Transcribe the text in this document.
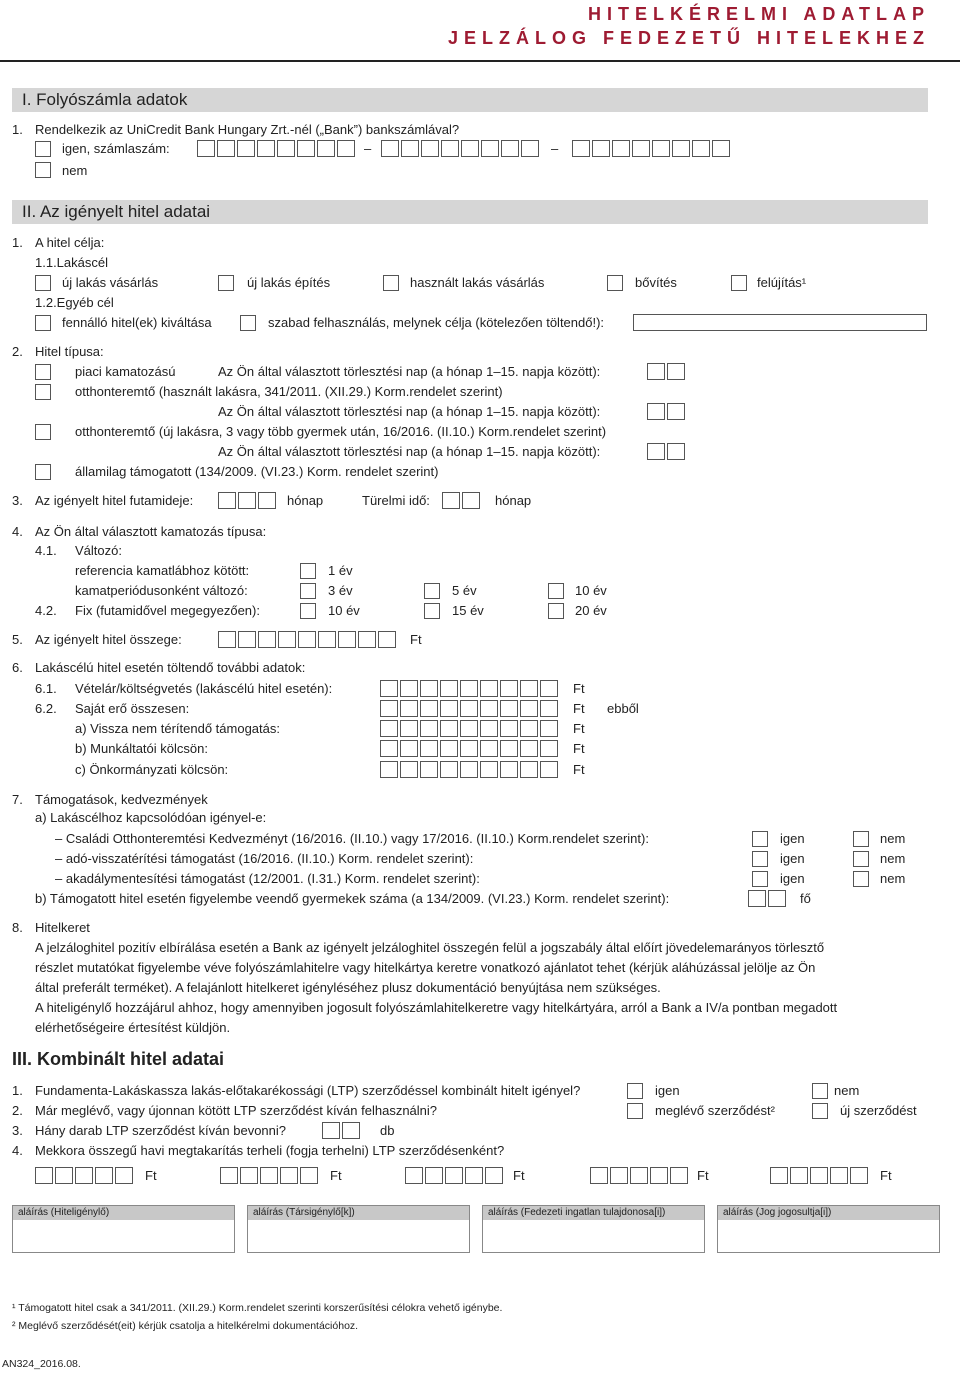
HITELKÉRELMI ADATLAP
JELZÁLOG FEDEZETŰ HITELEKHEZ
I. Folyószámla adatok
1. Rendelkezik az UniCredit Bank Hungary Zrt.-nél („Bank”) bankszámlával?
igen, számlaszám:	–	–
nem
II. Az igényelt hitel adatai
1. A hitel célja:
1.1.Lakáscél
új lakás vásárlás	új lakás építés	használt lakás vásárlás	bővítés	felújítás¹
1.2.Egyéb cél
fennálló hitel(ek) kiváltása	szabad felhasználás, melynek célja (kötelezően töltendő!):
2. Hitel típusa:
piaci kamatozású	Az Ön által választott törlesztési nap (a hónap 1–15. napja között):
otthonteremtő (használt lakásra, 341/2011. (XII.29.) Korm.rendelet szerint)
Az Ön által választott törlesztési nap (a hónap 1–15. napja között):
otthonteremtő (új lakásra, 3 vagy több gyermek után, 16/2016. (II.10.) Korm.rendelet szerint)
Az Ön által választott törlesztési nap (a hónap 1–15. napja között):
államilag támogatott (134/2009. (VI.23.) Korm. rendelet szerint)
3. Az igényelt hitel futamideje:	hónap	Türelmi idő:	hónap
4. Az Ön által választott kamatozás típusa:
4.1. Változó:
referencia kamatlábhoz kötött:	1 év
kamatperiódusonként változó:	3 év	5 év	10 év
4.2. Fix (futamidővel megegyezően):	10 év	15 év	20 év
5. Az igényelt hitel összege:	Ft
6. Lakáscélú hitel esetén töltendő további adatok:
6.1. Vételár/költségvetés (lakáscélú hitel esetén):	Ft
6.2. Saját erő összesen:	Ft ebből
a) Vissza nem térítendő támogatás:	Ft
b) Munkáltatói kölcsön:	Ft
c) Önkormányzati kölcsön:	Ft
7. Támogatások, kedvezmények
a) Lakáscélhoz kapcsolódóan igényel-e:
– Családi Otthonteremtési Kedvezményt (16/2016. (II.10.) vagy 17/2016. (II.10.) Korm.rendelet szerint):	igen	nem
– adó-visszatérítési támogatást (16/2016. (II.10.) Korm. rendelet szerint):	igen	nem
– akadálymentesítési támogatást (12/2001. (I.31.) Korm. rendelet szerint):	igen	nem
b) Támogatott hitel esetén figyelembe veendő gyermekek száma (a 134/2009. (VI.23.) Korm. rendelet szerint):	fő
8. Hitelkeret
A jelzáloghitel pozitív elbírálása esetén a Bank az igényelt jelzáloghitel összegén felül a jogszabály által előírt jövedelemarányos törlesztő
részlet mutatókat figyelembe véve folyószámlahitelre vagy hitelkártya keretre vonatkozó ajánlatot tehet (kérjük aláhúzással jelölje az Ön
által preferált terméket). A felajánlott hitelkeret igényléséhez plusz dokumentáció benyújtása nem szükséges.
A hiteligénylő hozzájárul ahhoz, hogy amennyiben jogosult folyószámlahitelkeretre vagy hitelkártyára, arról a Bank a IV/a pontban megadott
elérhetőségeire értesítést küldjön.
III. Kombinált hitel adatai
1. Fundamenta-Lakáskassza lakás-előtakarékossági (LTP) szerződéssel kombinált hitelt igényel?	igen	nem
2. Már meglévő, vagy újonnan kötött LTP szerződést kíván felhasználni?	meglévő szerződést²	új szerződést
3. Hány darab LTP szerződést kíván bevonni?	db
4. Mekkora összegű havi megtakarítás terheli (fogja terhelni) LTP szerződésenként?
Ft	Ft	Ft	Ft	Ft
aláírás (Hiteligénylő)	aláírás (Társigénylő[k])	aláírás (Fedezeti ingatlan tulajdonosa[i])	aláírás (Jog jogosultja[i])
¹ Támogatott hitel csak a 341/2011. (XII.29.) Korm.rendelet szerinti korszerűsítési célokra vehető igénybe.
² Meglévő szerződését(eit) kérjük csatolja a hitelkérelmi dokumentációhoz.
AN324_2016.08.
